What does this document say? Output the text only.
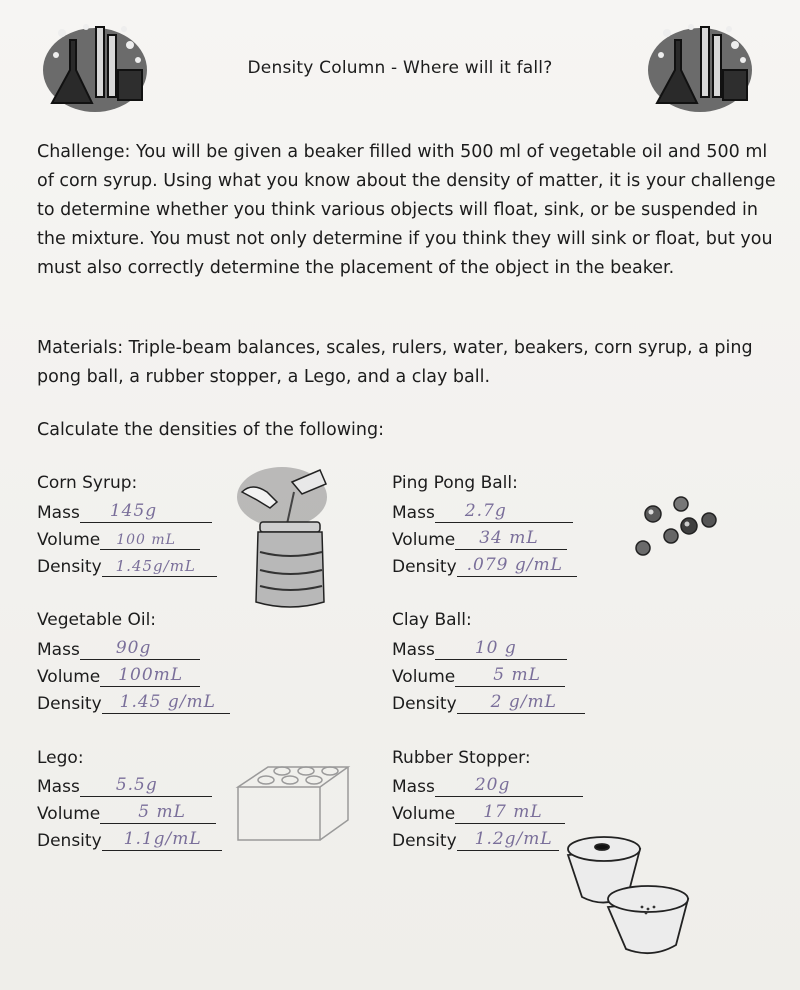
Density Column - Where will it fall?

Challenge: You will be given a beaker filled with 500 ml of vegetable oil and 500 ml of corn syrup. Using what you know about the density of matter, it is your challenge to determine whether you think various objects will float, sink, or be suspended in the mixture. You must not only determine if you think they will sink or float, but you must also correctly determine the placement of the object in the beaker.

Materials: Triple-beam balances, scales, rulers, water, beakers, corn syrup, a ping pong ball, a rubber stopper, a Lego, and a clay ball.

Calculate the densities of the following:

Corn Syrup:
Mass 145g
Volume 100 mL
Density 1.45g/mL
Ping Pong Ball:
Mass 2.7g
Volume 34 mL
Density .079 g/mL
Vegetable Oil:
Mass 90g
Volume 100mL
Density 1.45 g/mL
Clay Ball:
Mass 10 g
Volume 5 mL
Density 2 g/mL
Lego:
Mass 5.5g
Volume 5 mL
Density 1.1g/mL
Rubber Stopper:
Mass 20g
Volume 17 mL
Density 1.2g/mL
